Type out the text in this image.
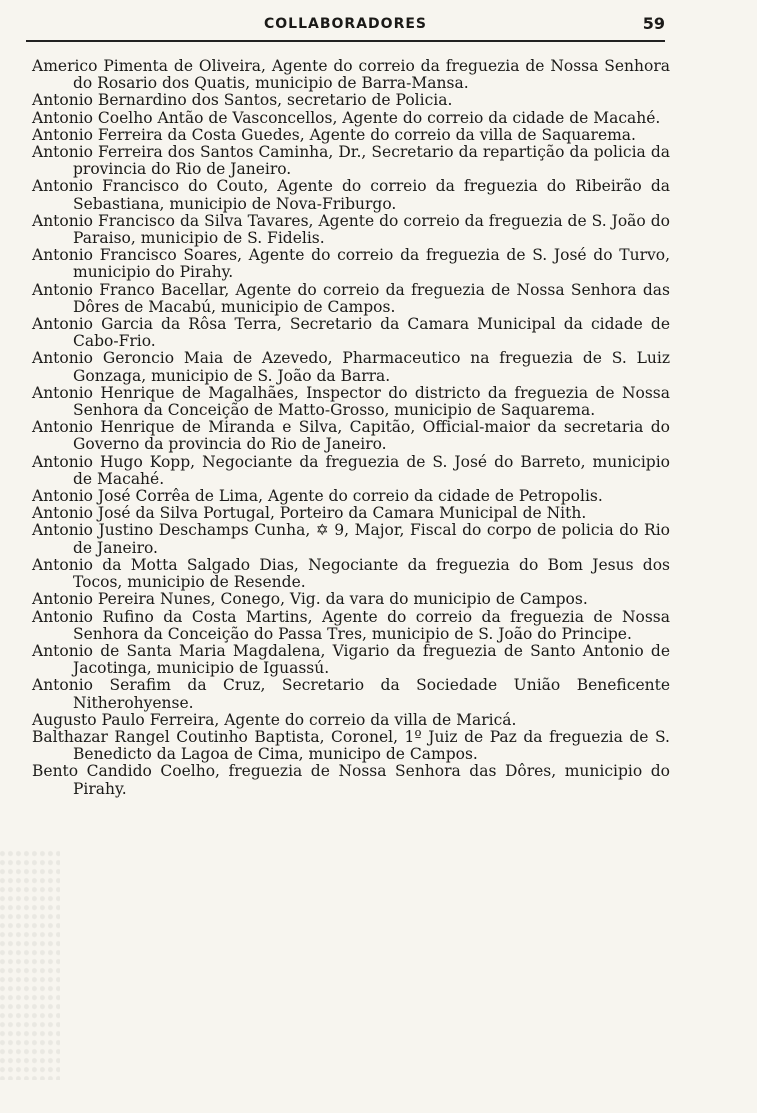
COLLABORADORES	59

Americo Pimenta de Oliveira, Agente do correio da freguezia de Nossa Senhora do Rosario dos Quatis, municipio de Barra-Mansa.

Antonio Bernardino dos Santos, secretario de Policia.

Antonio Coelho Antão de Vasconcellos, Agente do correio da cidade de Macahé.

Antonio Ferreira da Costa Guedes, Agente do correio da villa de Saquarema.

Antonio Ferreira dos Santos Caminha, Dr., Secretario da repartição da policia da provincia do Rio de Janeiro.

Antonio Francisco do Couto, Agente do correio da freguezia do Ribeirão da Sebastiana, municipio de Nova-Friburgo.

Antonio Francisco da Silva Tavares, Agente do correio da freguezia de S. João do Paraiso, municipio de S. Fidelis.

Antonio Francisco Soares, Agente do correio da freguezia de S. José do Turvo, municipio do Pirahy.

Antonio Franco Bacellar, Agente do correio da freguezia de Nossa Senhora das Dôres de Macabú, municipio de Campos.

Antonio Garcia da Rôsa Terra, Secretario da Camara Municipal da cidade de Cabo-Frio.

Antonio Geroncio Maia de Azevedo, Pharmaceutico na freguezia de S. Luiz Gonzaga, municipio de S. João da Barra.

Antonio Henrique de Magalhães, Inspector do districto da freguezia de Nossa Senhora da Conceição de Matto-Grosso, municipio de Saquarema.

Antonio Henrique de Miranda e Silva, Capitão, Official-maior da secretaria do Governo da provincia do Rio de Janeiro.

Antonio Hugo Kopp, Negociante da freguezia de S. José do Barreto, municipio de Macahé.

Antonio José Corrêa de Lima, Agente do correio da cidade de Petropolis.

Antonio José da Silva Portugal, Porteiro da Camara Municipal de Nith.

Antonio Justino Deschamps Cunha, ✡ 9, Major, Fiscal do corpo de policia do Rio de Janeiro.

Antonio da Motta Salgado Dias, Negociante da freguezia do Bom Jesus dos Tocos, municipio de Resende.

Antonio Pereira Nunes, Conego, Vig. da vara do municipio de Campos.

Antonio Rufino da Costa Martins, Agente do correio da freguezia de Nossa Senhora da Conceição do Passa Tres, municipio de S. João do Principe.

Antonio de Santa Maria Magdalena, Vigario da freguezia de Santo Antonio de Jacotinga, municipio de Iguassú.

Antonio Serafim da Cruz, Secretario da Sociedade União Beneficente Nitherohyense.

Augusto Paulo Ferreira, Agente do correio da villa de Maricá.

Balthazar Rangel Coutinho Baptista, Coronel, 1º Juiz de Paz da freguezia de S. Benedicto da Lagoa de Cima, municipo de Campos.

Bento Candido Coelho, freguezia de Nossa Senhora das Dôres, municipio do Pirahy.
